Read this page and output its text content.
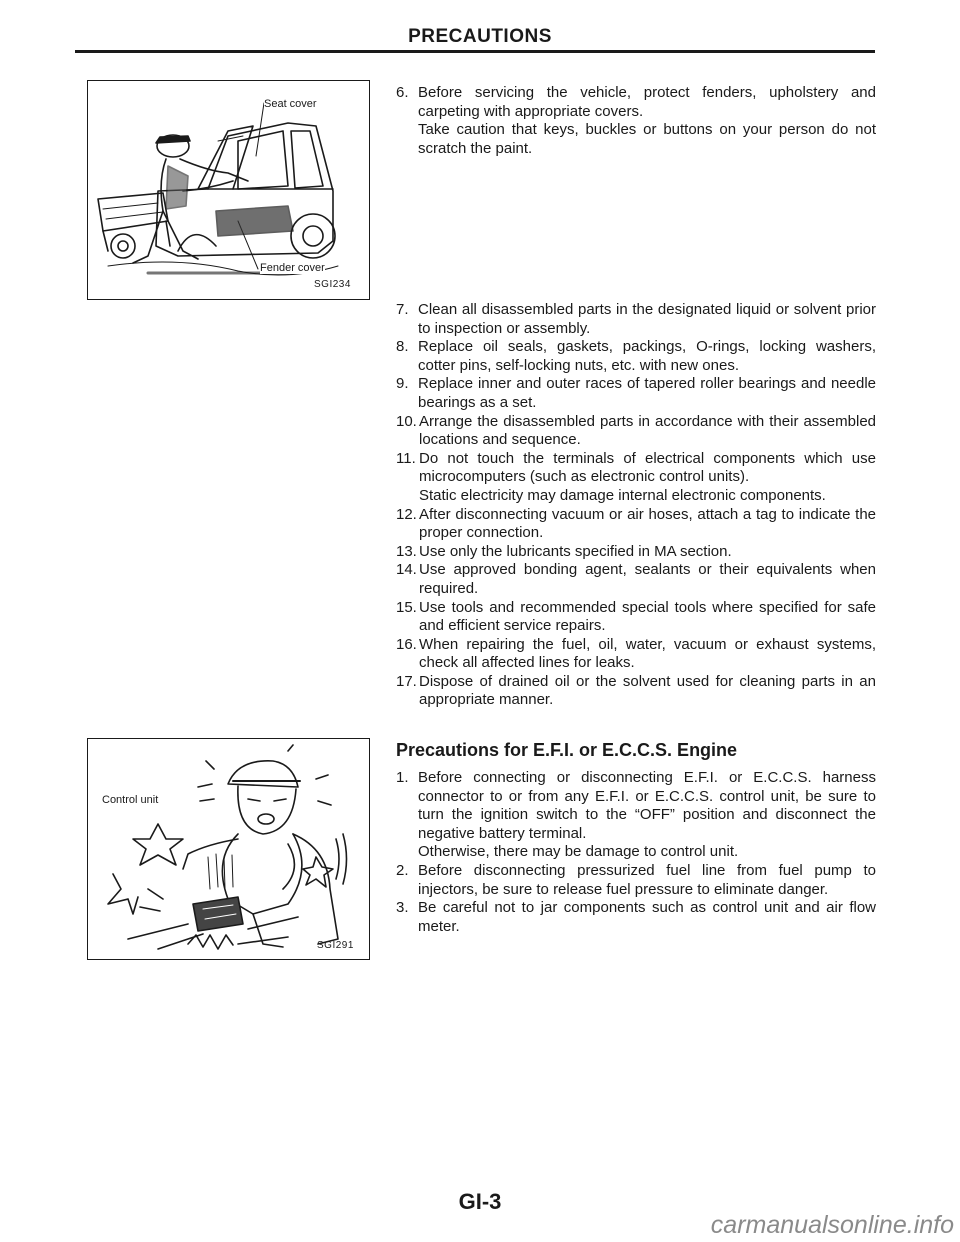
PRECAUTIONS
Seat cover
Fender cover
SGI234
Control unit
SGI291
6. Before servicing the vehicle, protect fenders, upholstery and carpeting with appropriate covers.

Take caution that keys, buckles or buttons on your person do not scratch the paint.

7. Clean all disassembled parts in the designated liquid or solvent prior to inspection or assembly.

8. Replace oil seals, gaskets, packings, O-rings, locking washers, cotter pins, self-locking nuts, etc. with new ones.

9. Replace inner and outer races of tapered roller bearings and needle bearings as a set.

10. Arrange the disassembled parts in accordance with their assembled locations and sequence.

11. Do not touch the terminals of electrical components which use microcomputers (such as electronic control units).

Static electricity may damage internal electronic components.

12. After disconnecting vacuum or air hoses, attach a tag to indicate the proper connection.

13. Use only the lubricants specified in MA section.

14. Use approved bonding agent, sealants or their equivalents when required.

15. Use tools and recommended special tools where specified for safe and efficient service repairs.

16. When repairing the fuel, oil, water, vacuum or exhaust systems, check all affected lines for leaks.

17. Dispose of drained oil or the solvent used for cleaning parts in an appropriate manner.

Precautions for E.F.I. or E.C.C.S. Engine
1. Before connecting or disconnecting E.F.I. or E.C.C.S. harness connector to or from any E.F.I. or E.C.C.S. control unit, be sure to turn the ignition switch to the “OFF” position and disconnect the negative battery terminal.

Otherwise, there may be damage to control unit.

2. Before disconnecting pressurized fuel line from fuel pump to injectors, be sure to release fuel pressure to eliminate danger.

3. Be careful not to jar components such as control unit and air flow meter.

GI-3
carmanualsonline.info
